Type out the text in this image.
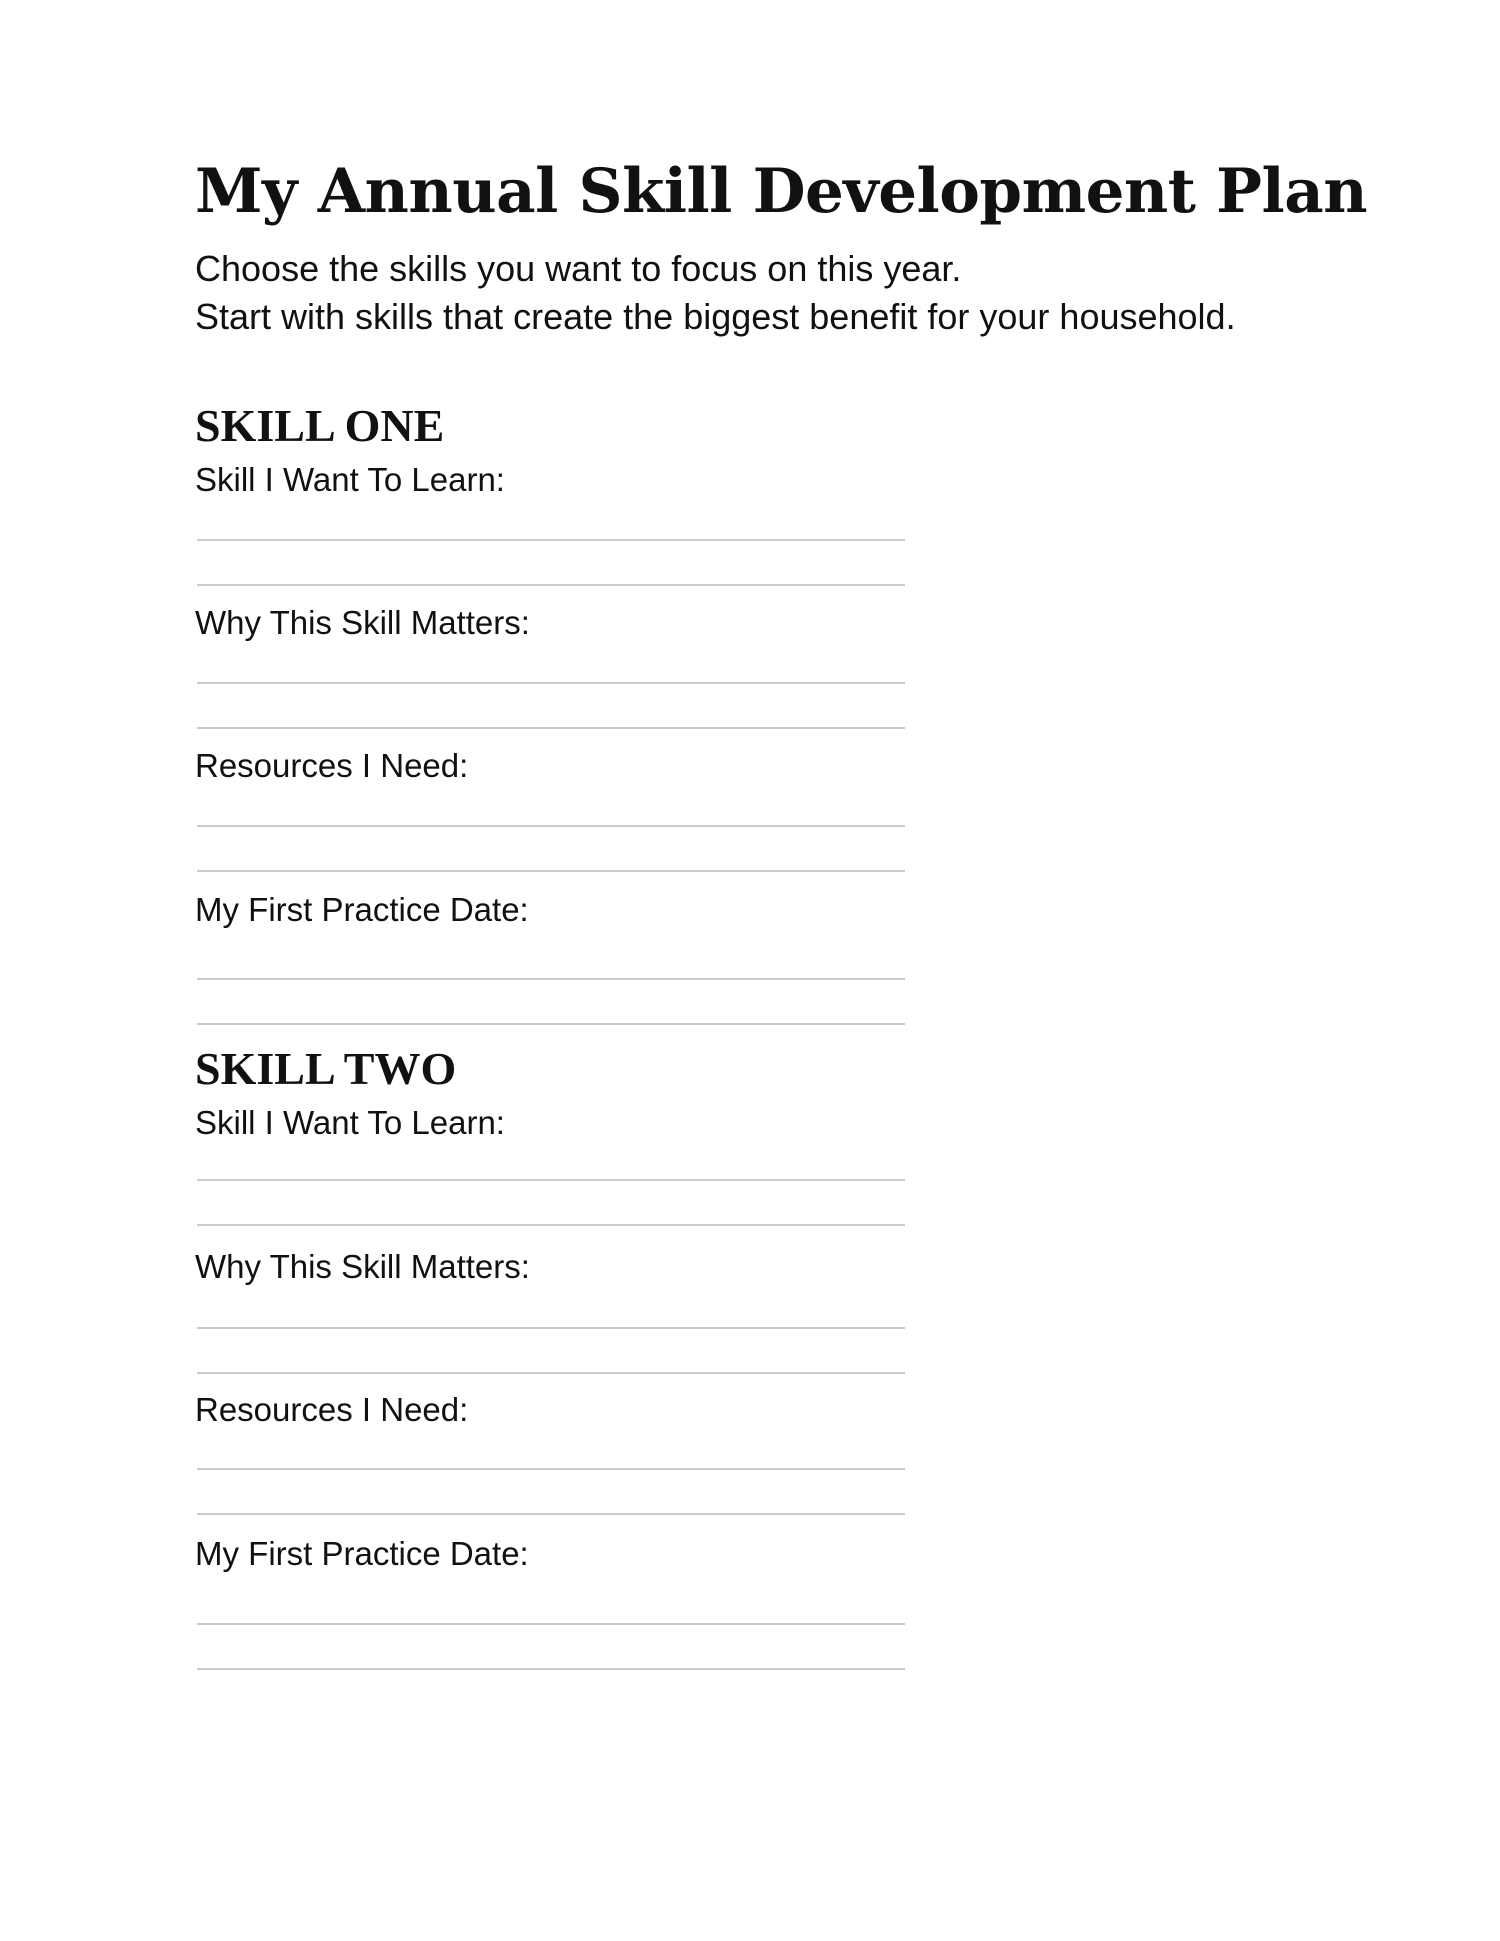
My Annual Skill Development Plan

Choose the skills you want to focus on this year.

Start with skills that create the biggest benefit for your household.

SKILL ONE

Skill I Want To Learn:

Why This Skill Matters:

Resources I Need:

My First Practice Date:

SKILL TWO

Skill I Want To Learn:

Why This Skill Matters:

Resources I Need:

My First Practice Date:
